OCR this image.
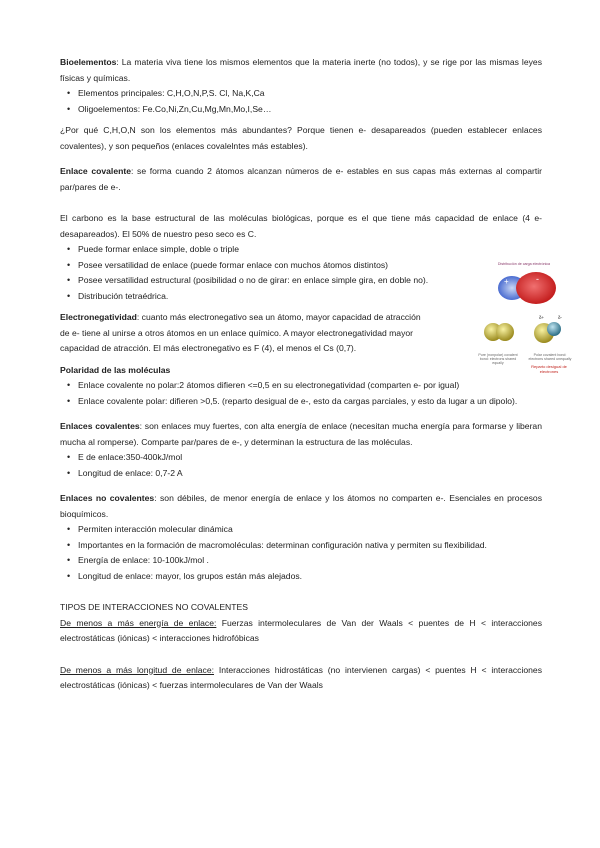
Bioelementos: La materia viva tiene los mismos elementos que la materia inerte (no todos), y se rige por las mismas leyes físicas y químicas.

• Elementos principales: C,H,O,N,P,S. Cl, Na,K,Ca
• Oligoelementos: Fe.Co,Ni,Zn,Cu,Mg,Mn,Mo,I,Se…

¿Por qué C,H,O,N son los elementos más abundantes? Porque tienen e- desapareados (pueden establecer enlaces covalentes), y son pequeños (enlaces covalelntes más estables).

Enlace covalente: se forma cuando 2 átomos alcanzan números de e- estables en sus capas más externas al compartir par/pares de e-.

El carbono es la base estructural de las moléculas biológicas, porque es el que tiene más capacidad de enlace (4 e- desapareados). El 50% de nuestro peso seco es C.

• Puede formar enlace simple, doble o triple
• Posee versatilidad de enlace (puede formar enlace con muchos átomos distintos)
• Posee versatilidad estructural (posibilidad o no de girar: en enlace simple gira, en doble no).
• Distribución tetraédrica.

Electronegatividad: cuanto más electronegativo sea un átomo, mayor capacidad de atracción de e- tiene al unirse a otros átomos en un enlace químico. A mayor electronegatividad mayor capacidad de atracción. El más electronegativo es F (4), el menos el Cs (0,7).

Polaridad de las moléculas

• Enlace covalente no polar:2 átomos difieren <=0,5 en su electronegatividad (comparten e- por igual)
• Enlace covalente polar: difieren >0,5. (reparto desigual de e-, esto da cargas parciales, y esto da lugar a un dipolo).

Enlaces covalentes: son enlaces muy fuertes, con alta energía de enlace (necesitan mucha energía para formarse y liberan mucha al romperse). Comparte par/pares de e-, y determinan la estructura de las moléculas.

• E de enlace:350-400kJ/mol
• Longitud de enlace: 0,7-2 A

Enlaces no covalentes: son débiles, de menor energía de enlace y los átomos no comparten e-. Esenciales en procesos bioquímicos.

• Permiten interacción molecular dinámica
• Importantes en la formación de macromoléculas: determinan configuración nativa y permiten su flexibilidad.
• Energía de enlace: 10-100kJ/mol .
• Longitud de enlace: mayor, los grupos están más alejados.

TIPOS DE INTERACCIONES NO COVALENTES

De menos a más energía de enlace: Fuerzas intermoleculares de Van der Waals < puentes de H < interacciones electrostáticas (iónicas) < interacciones hidrofóbicas

De menos a más longitud de enlace: Interacciones hidrostáticas (no intervienen cargas) < puentes H < interacciones electrostáticas (iónicas) < fuerzas intermoleculares de Van der Waals

Distribución de carga electrónica
+	-

δ+	δ-
Pure (nonpolar) covalent bond: electrons shared equally
Polar covalent bond: electrons shared unequally
Reparto desigual de electrones
